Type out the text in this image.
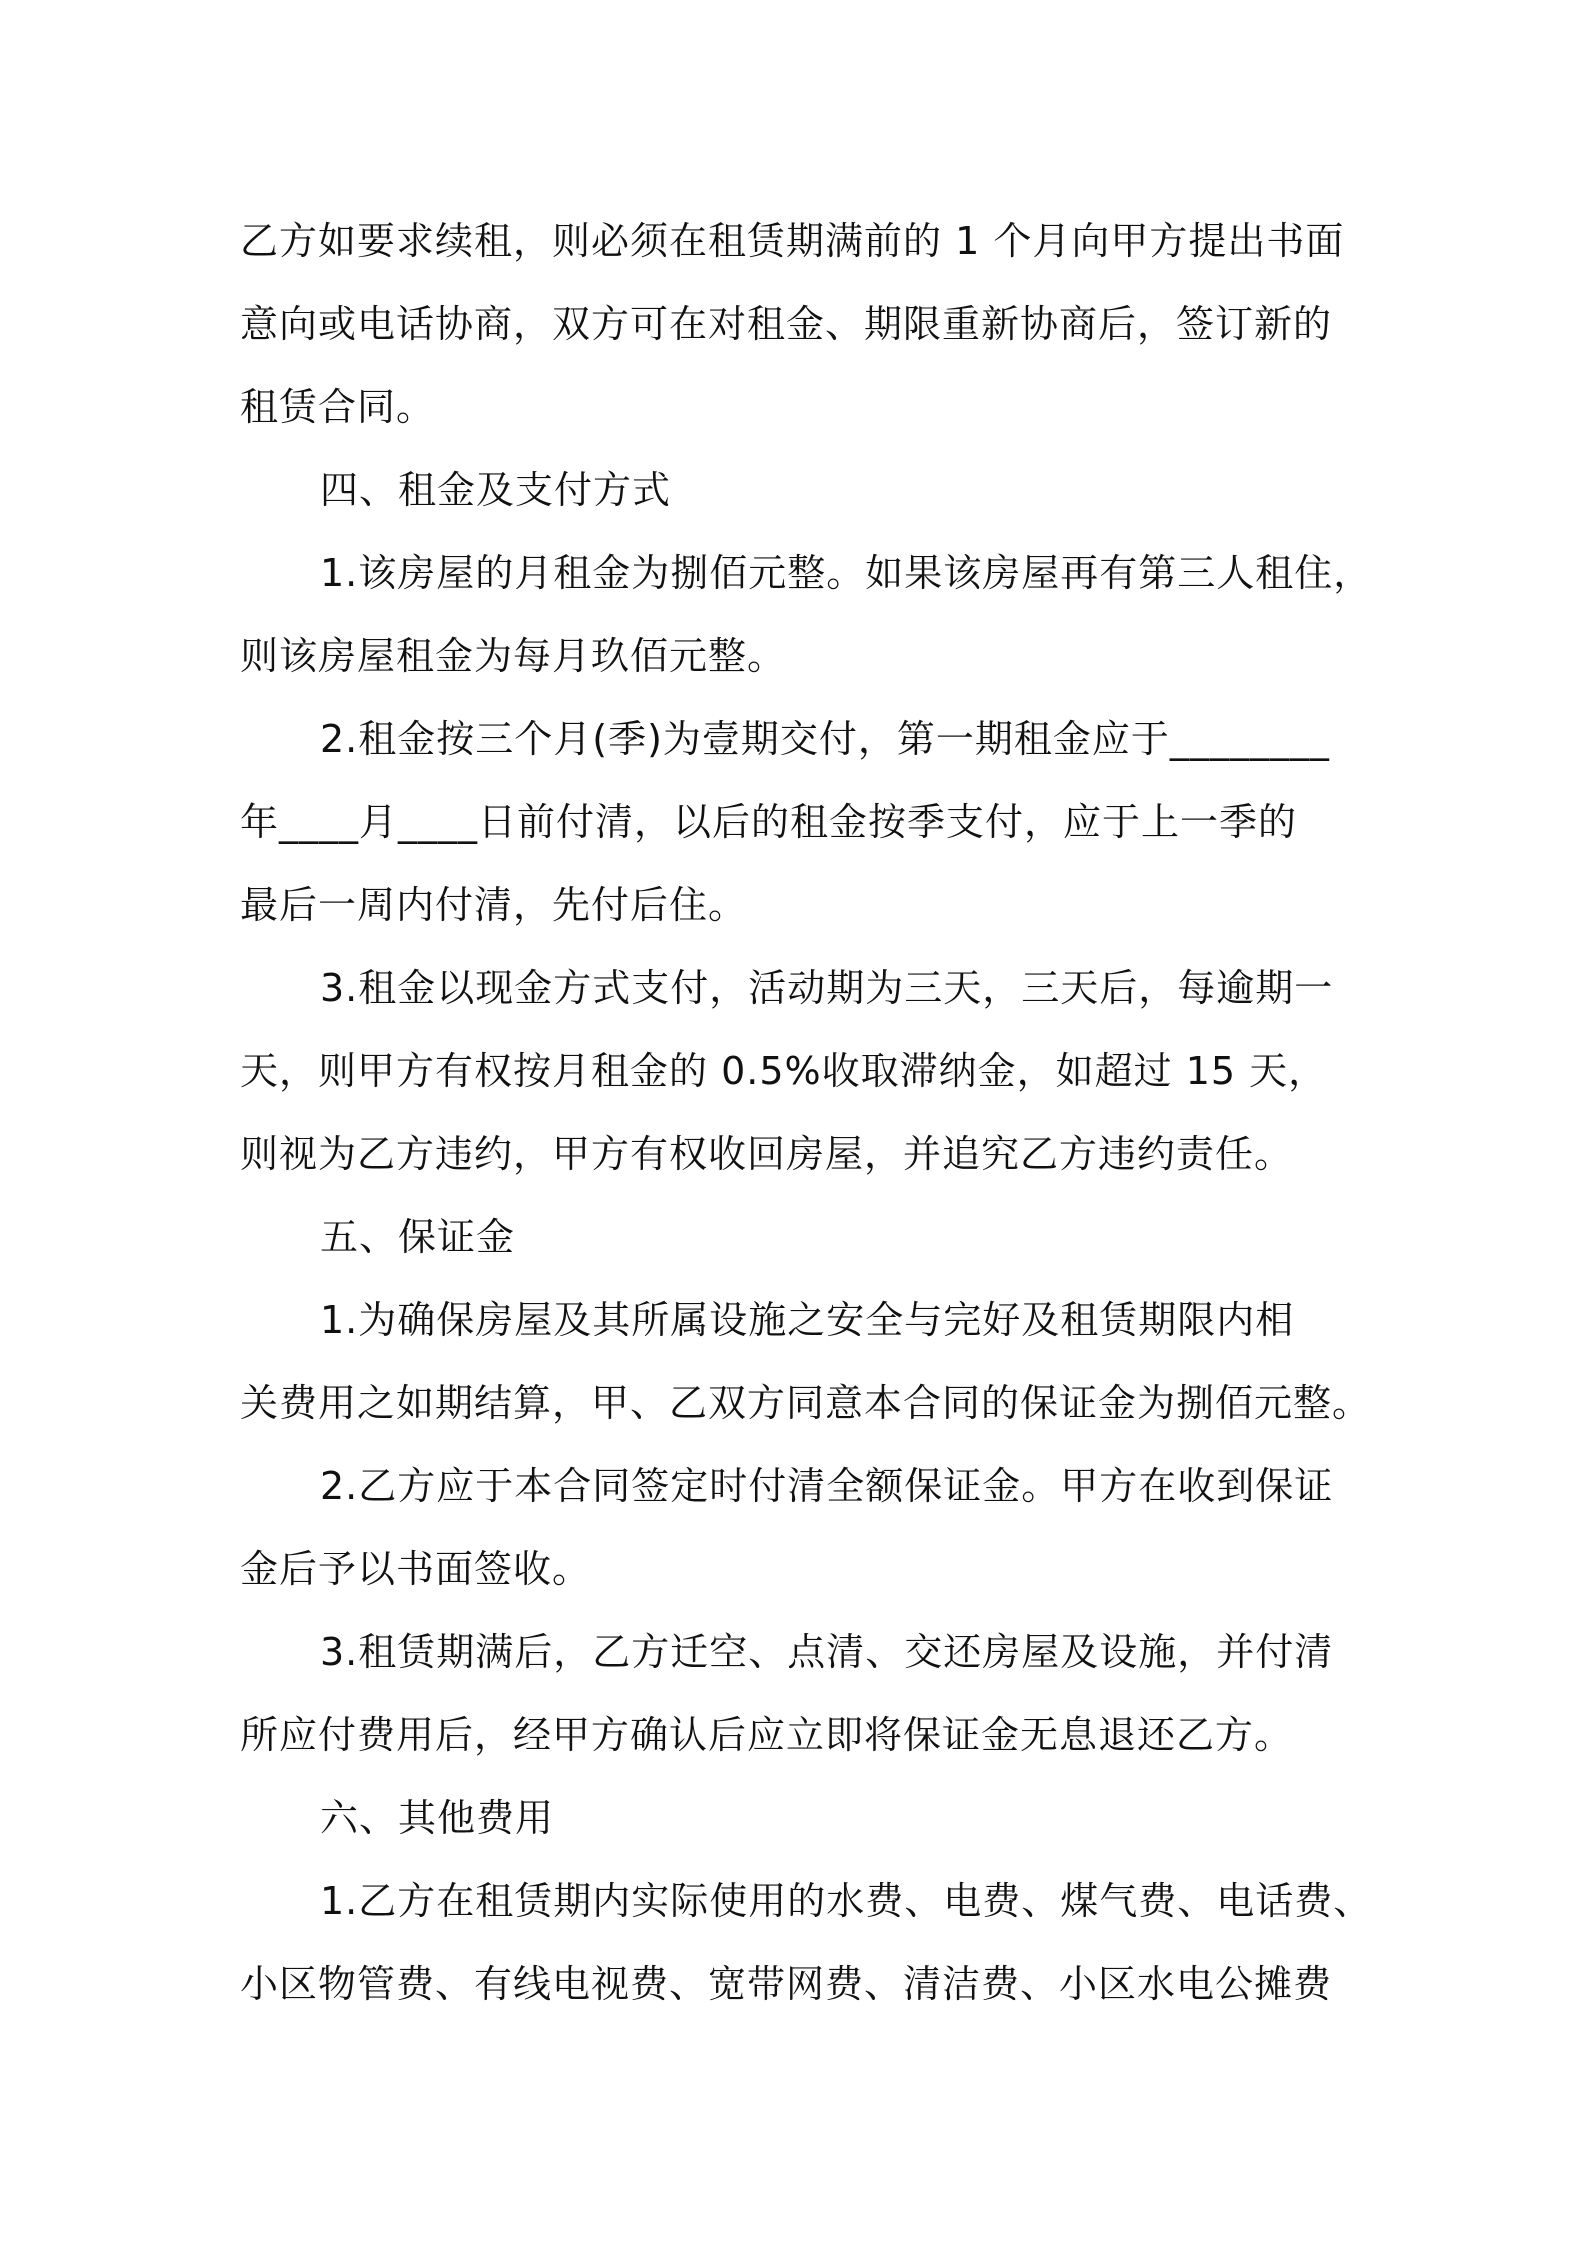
乙方如要求续租，则必须在租赁期满前的 1 个月向甲方提出书面
意向或电话协商，双方可在对租金、期限重新协商后，签订新的
租赁合同。
四、租金及支付方式
1.该房屋的月租金为捌佰元整。如果该房屋再有第三人租住，
则该房屋租金为每月玖佰元整。
2.租金按三个月(季)为壹期交付，第一期租金应于________
年____月____日前付清，以后的租金按季支付，应于上一季的
最后一周内付清，先付后住。
3.租金以现金方式支付，活动期为三天，三天后，每逾期一
天，则甲方有权按月租金的 0.5%收取滞纳金，如超过 15 天，
则视为乙方违约，甲方有权收回房屋，并追究乙方违约责任。
五、保证金
1.为确保房屋及其所属设施之安全与完好及租赁期限内相
关费用之如期结算，甲、乙双方同意本合同的保证金为捌佰元整。
2.乙方应于本合同签定时付清全额保证金。甲方在收到保证
金后予以书面签收。
3.租赁期满后，乙方迁空、点清、交还房屋及设施，并付清
所应付费用后，经甲方确认后应立即将保证金无息退还乙方。
六、其他费用
1.乙方在租赁期内实际使用的水费、电费、煤气费、电话费、
小区物管费、有线电视费、宽带网费、清洁费、小区水电公摊费
